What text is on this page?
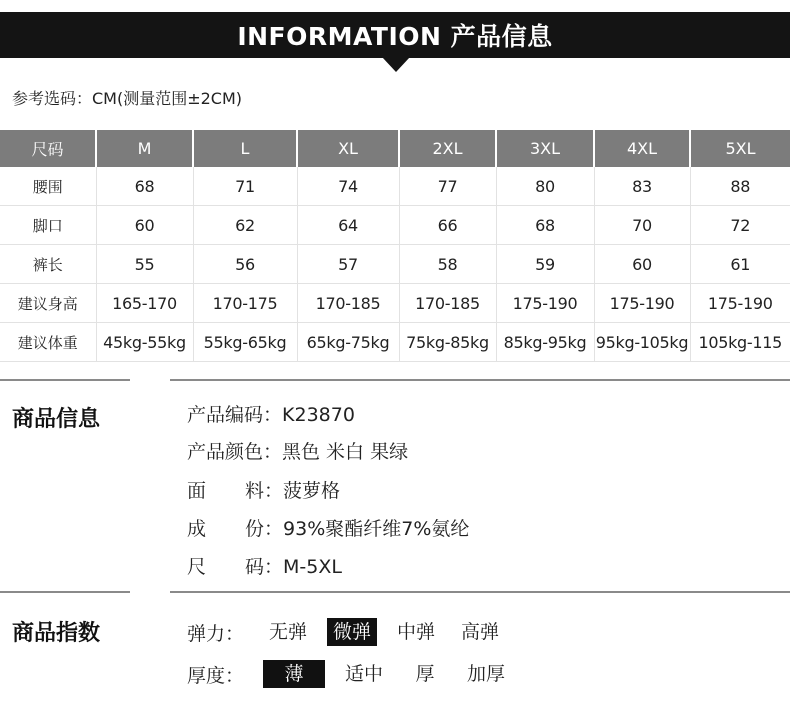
INFORMATION 产品信息
参考选码：CM(测量范围±2CM)
尺码	M	L	XL	2XL	3XL	4XL	5XL
腰围	68	71	74	77	80	83	88
脚口	60	62	64	66	68	70	72
裤长	55	56	57	58	59	60	61
建议身高	165-170	170-175	170-185	170-185	175-190	175-190	175-190
建议体重	45kg-55kg	55kg-65kg	65kg-75kg	75kg-85kg	85kg-95kg	95kg-105kg	105kg-115
商品信息	产品编码：K23870
产品颜色：黑色 米白 果绿
面 料：菠萝格
成 份：93%聚酯纤维7%氨纶
尺 码：M-5XL
商品指数	弹力：	无弹	微弹	中弹	高弹
厚度：	薄	适中	厚	加厚
